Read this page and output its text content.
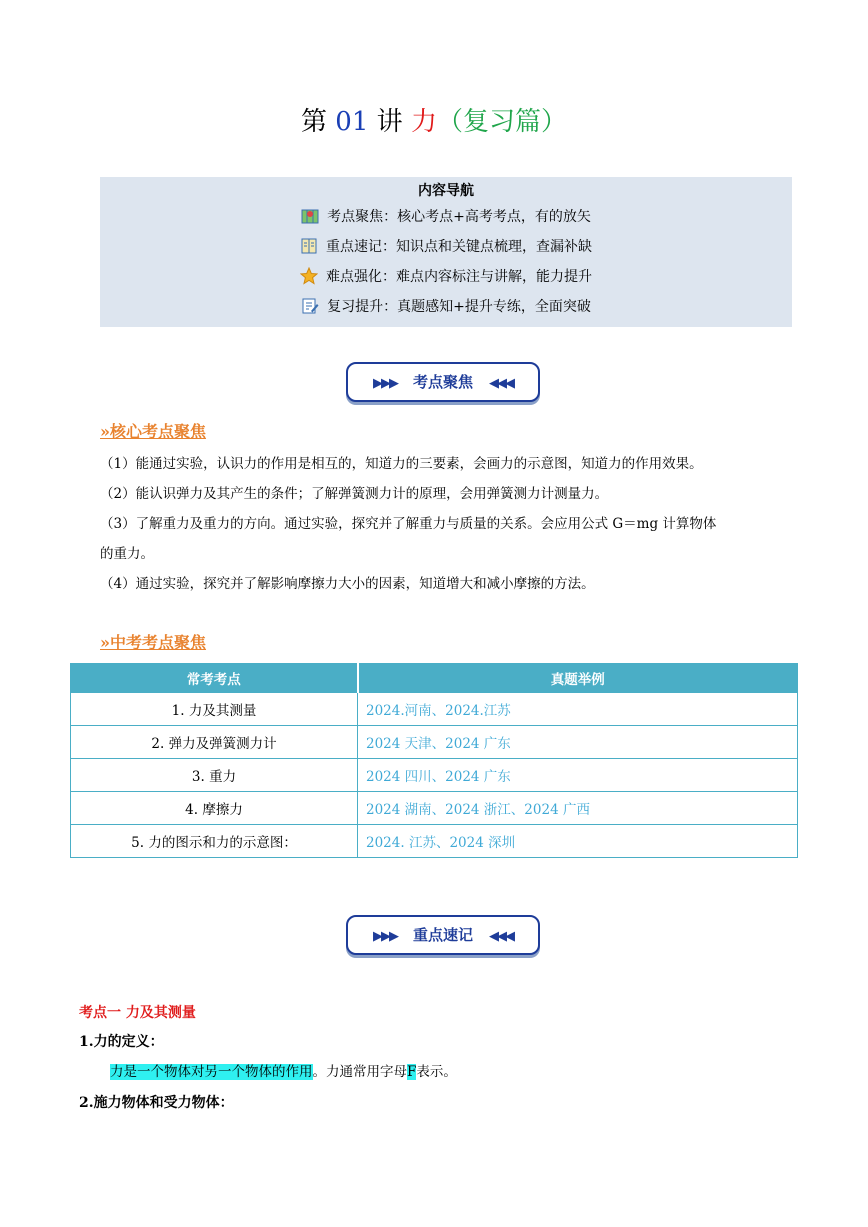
第 01 讲 力（复习篇）
内容导航
考点聚焦：核心考点+高考考点，有的放矢
重点速记：知识点和关键点梳理，查漏补缺
难点强化：难点内容标注与讲解，能力提升
复习提升：真题感知+提升专练，全面突破
▶▶▶ 考点聚焦 ◀◀◀
»核心考点聚焦
（1）能通过实验，认识力的作用是相互的，知道力的三要素，会画力的示意图，知道力的作用效果。
（2）能认识弹力及其产生的条件；了解弹簧测力计的原理，会用弹簧测力计测量力。
（3）了解重力及重力的方向。通过实验，探究并了解重力与质量的关系。会应用公式 G＝mg 计算物体
的重力。
（4）通过实验，探究并了解影响摩擦力大小的因素，知道增大和减小摩擦的方法。
»中考考点聚焦
常考考点	真题举例
1. 力及其测量	2024.河南、2024.江苏
2. 弹力及弹簧测力计	2024 天津、2024 广东
3. 重力	2024 四川、2024 广东
4. 摩擦力	2024 湖南、2024 浙江、2024 广西
5. 力的图示和力的示意图：	2024. 江苏、2024 深圳
▶▶▶ 重点速记 ◀◀◀
考点一 力及其测量
1.力的定义：
力是一个物体对另一个物体的作用。力通常用字母F表示。
2.施力物体和受力物体：
